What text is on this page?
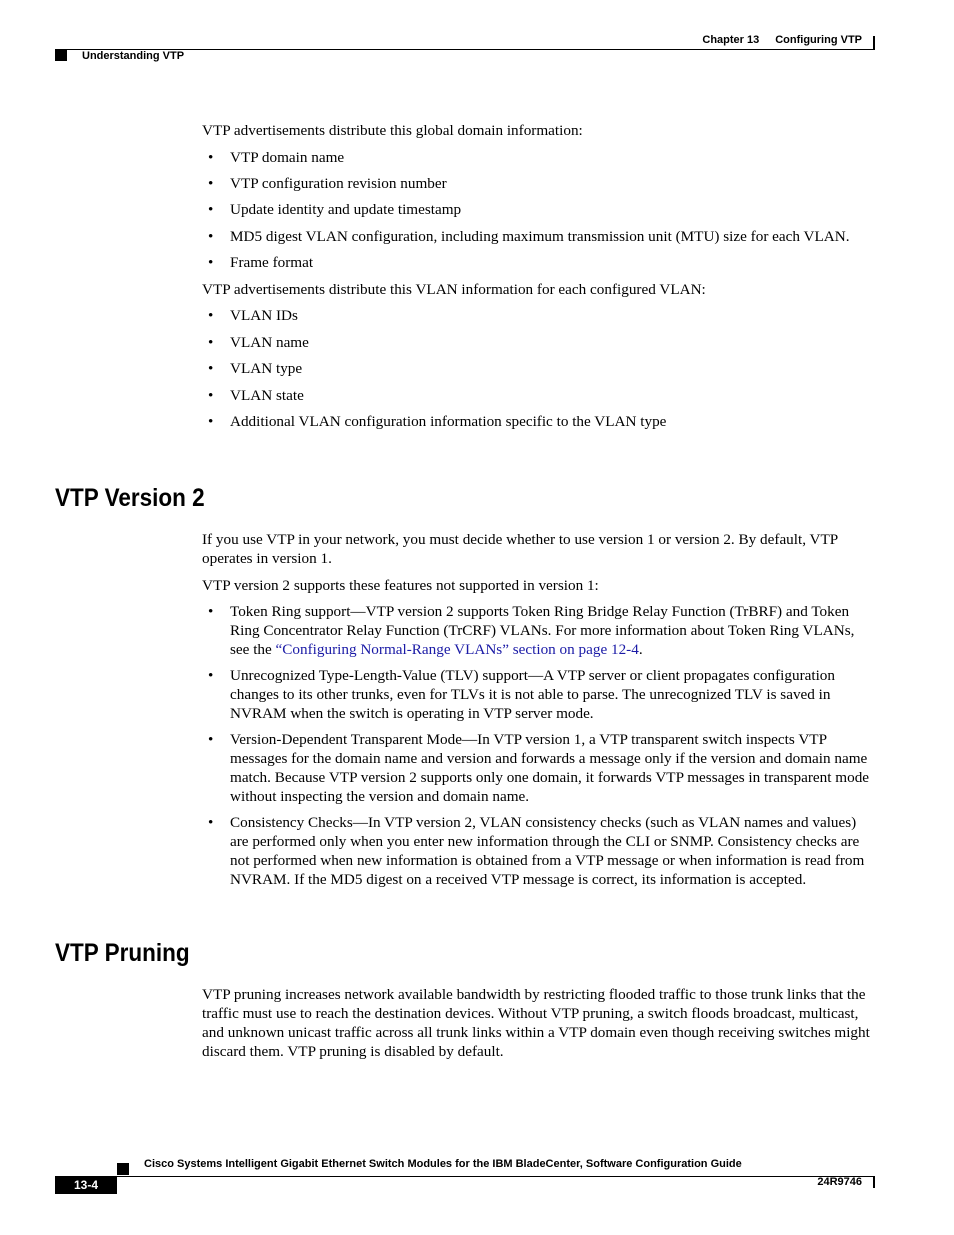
Chapter 13 Configuring VTP
Understanding VTP

VTP advertisements distribute this global domain information:

• VTP domain name
• VTP configuration revision number
• Update identity and update timestamp
• MD5 digest VLAN configuration, including maximum transmission unit (MTU) size for each VLAN.
• Frame format

VTP advertisements distribute this VLAN information for each configured VLAN:

• VLAN IDs
• VLAN name
• VLAN type
• VLAN state
• Additional VLAN configuration information specific to the VLAN type
VTP Version 2

If you use VTP in your network, you must decide whether to use version 1 or version 2. By default, VTP operates in version 1.

VTP version 2 supports these features not supported in version 1:

• Token Ring support—VTP version 2 supports Token Ring Bridge Relay Function (TrBRF) and Token Ring Concentrator Relay Function (TrCRF) VLANs. For more information about Token Ring VLANs, see the “Configuring Normal-Range VLANs” section on page 12-4.
• Unrecognized Type-Length-Value (TLV) support—A VTP server or client propagates configuration changes to its other trunks, even for TLVs it is not able to parse. The unrecognized TLV is saved in NVRAM when the switch is operating in VTP server mode.
• Version-Dependent Transparent Mode—In VTP version 1, a VTP transparent switch inspects VTP messages for the domain name and version and forwards a message only if the version and domain name match. Because VTP version 2 supports only one domain, it forwards VTP messages in transparent mode without inspecting the version and domain name.
• Consistency Checks—In VTP version 2, VLAN consistency checks (such as VLAN names and values) are performed only when you enter new information through the CLI or SNMP. Consistency checks are not performed when new information is obtained from a VTP message or when information is read from NVRAM. If the MD5 digest on a received VTP message is correct, its information is accepted.
VTP Pruning

VTP pruning increases network available bandwidth by restricting flooded traffic to those trunk links that the traffic must use to reach the destination devices. Without VTP pruning, a switch floods broadcast, multicast, and unknown unicast traffic across all trunk links within a VTP domain even though receiving switches might discard them. VTP pruning is disabled by default.

Cisco Systems Intelligent Gigabit Ethernet Switch Modules for the IBM BladeCenter, Software Configuration Guide
13-4	24R9746
